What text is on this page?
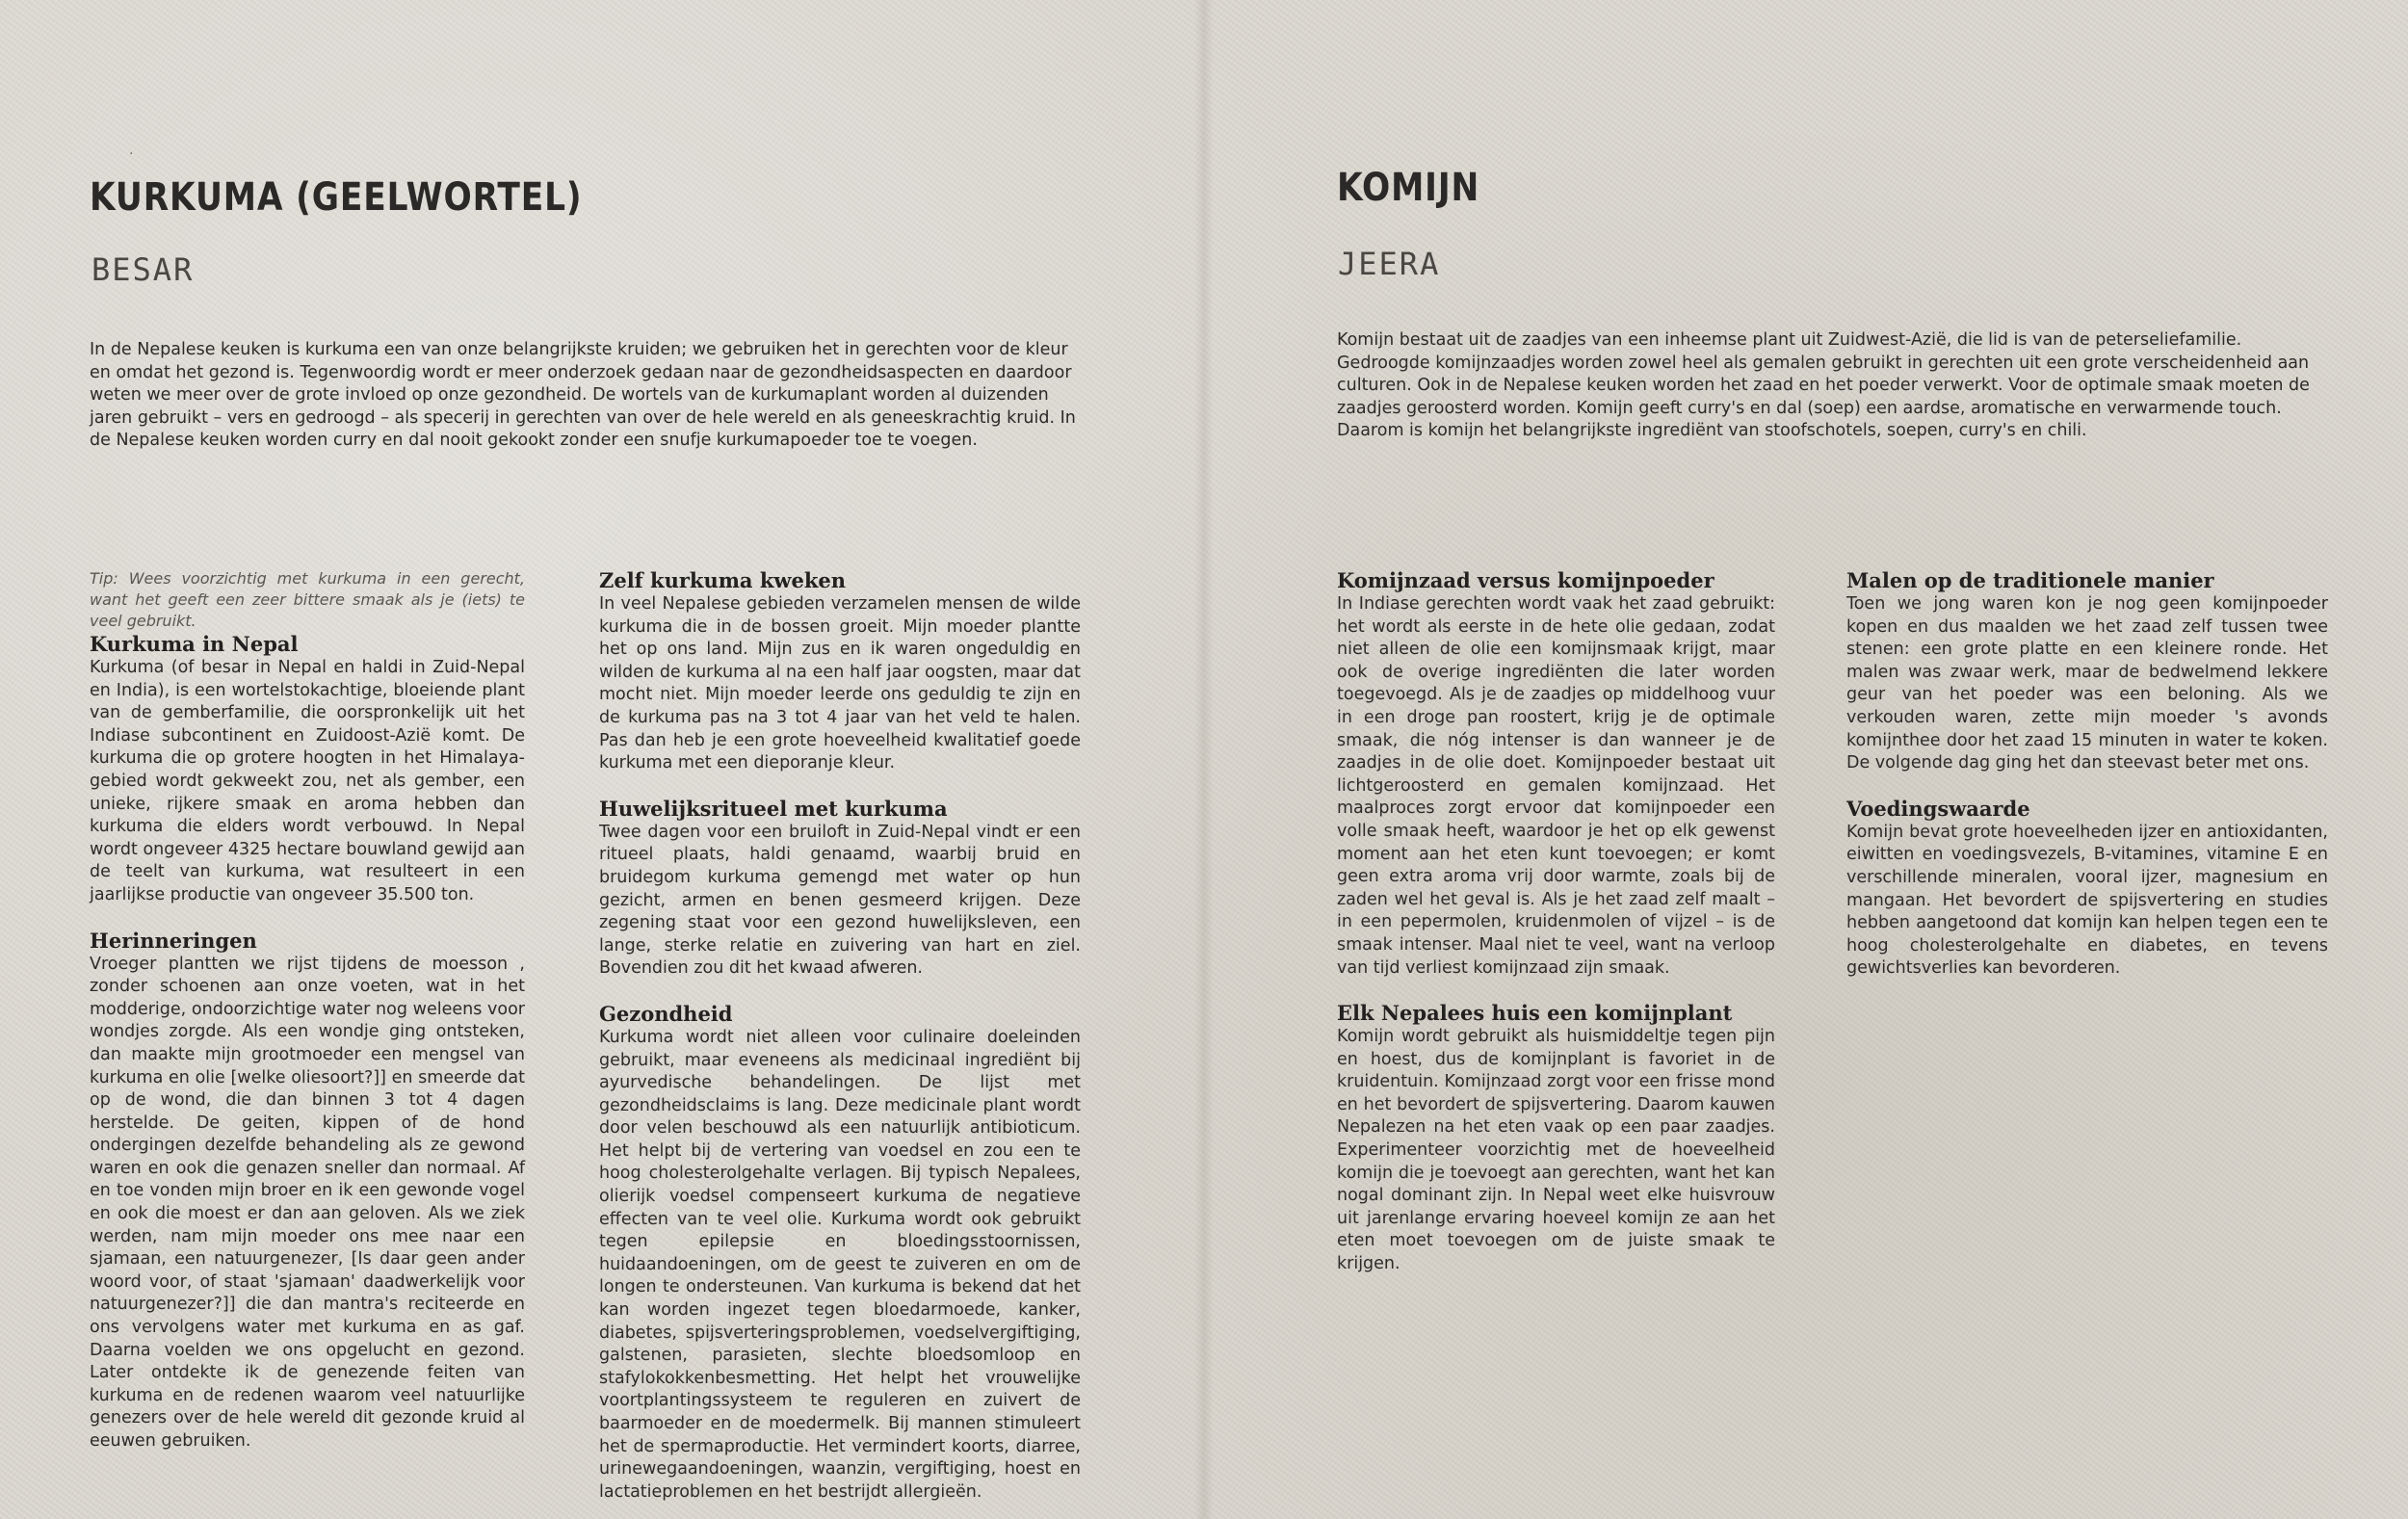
·
KURKUMA (GEELWORTEL)
BESAR

In de Nepalese keuken is kurkuma een van onze belangrijkste kruiden; we gebruiken het in gerechten voor de kleur en omdat het gezond is. Tegenwoordig wordt er meer onderzoek gedaan naar de gezondheidsaspecten en daardoor weten we meer over de grote invloed op onze gezondheid. De wortels van de kurkumaplant worden al duizenden jaren gebruikt – vers en gedroogd – als specerij in gerechten van over de hele wereld en als geneeskrachtig kruid. In de Nepalese keuken worden curry en dal nooit gekookt zonder een snufje kurkumapoeder toe te voegen.

Tip: Wees voorzichtig met kurkuma in een gerecht, want het geeft een zeer bittere smaak als je (iets) te veel gebruikt.

Kurkuma in Nepal

Kurkuma (of besar in Nepal en haldi in Zuid-Nepal en India), is een wortelstokachtige, bloeiende plant van de gemberfamilie, die oorspronkelijk uit het Indiase subcontinent en Zuidoost-Azië komt. De kurkuma die op grotere hoogten in het Himalaya-gebied wordt gekweekt zou, net als gember, een unieke, rijkere smaak en aroma hebben dan kurkuma die elders wordt verbouwd. In Nepal wordt ongeveer 4325 hectare bouwland gewijd aan de teelt van kurkuma, wat resulteert in een jaarlijkse productie van ongeveer 35.500 ton.

Herinneringen

Vroeger plantten we rijst tijdens de moesson , zonder schoenen aan onze voeten, wat in het modderige, ondoorzichtige water nog weleens voor wondjes zorgde. Als een wondje ging ontsteken, dan maakte mijn grootmoeder een mengsel van kurkuma en olie [welke oliesoort?]] en smeerde dat op de wond, die dan binnen 3 tot 4 dagen herstelde. De geiten, kippen of de hond ondergingen dezelfde behandeling als ze gewond waren en ook die genazen sneller dan normaal. Af en toe vonden mijn broer en ik een gewonde vogel en ook die moest er dan aan geloven. Als we ziek werden, nam mijn moeder ons mee naar een sjamaan, een natuurgenezer, [Is daar geen ander woord voor, of staat 'sjamaan' daadwerkelijk voor natuurgenezer?]] die dan mantra's reciteerde en ons vervolgens water met kurkuma en as gaf. Daarna voelden we ons opgelucht en gezond. Later ontdekte ik de genezende feiten van kurkuma en de redenen waarom veel natuurlijke genezers over de hele wereld dit gezonde kruid al eeuwen gebruiken.

Zelf kurkuma kweken

In veel Nepalese gebieden verzamelen mensen de wilde kurkuma die in de bossen groeit. Mijn moeder plantte het op ons land. Mijn zus en ik waren ongeduldig en wilden de kurkuma al na een half jaar oogsten, maar dat mocht niet. Mijn moeder leerde ons geduldig te zijn en de kurkuma pas na 3 tot 4 jaar van het veld te halen. Pas dan heb je een grote hoeveelheid kwalitatief goede kurkuma met een dieporanje kleur.

Huwelijksritueel met kurkuma

Twee dagen voor een bruiloft in Zuid-Nepal vindt er een ritueel plaats, haldi genaamd, waarbij bruid en bruidegom kurkuma gemengd met water op hun gezicht, armen en benen gesmeerd krijgen. Deze zegening staat voor een gezond huwelijksleven, een lange, sterke relatie en zuivering van hart en ziel. Bovendien zou dit het kwaad afweren.

Gezondheid

Kurkuma wordt niet alleen voor culinaire doeleinden gebruikt, maar eveneens als medicinaal ingrediënt bij ayurvedische behandelingen. De lijst met gezondheidsclaims is lang. Deze medicinale plant wordt door velen beschouwd als een natuurlijk antibioticum. Het helpt bij de vertering van voedsel en zou een te hoog cholesterolgehalte verlagen. Bij typisch Nepalees, olierijk voedsel compenseert kurkuma de negatieve effecten van te veel olie. Kurkuma wordt ook gebruikt tegen epilepsie en bloedingsstoornissen, huidaandoeningen, om de geest te zuiveren en om de longen te ondersteunen. Van kurkuma is bekend dat het kan worden ingezet tegen bloedarmoede, kanker, diabetes, spijsverteringsproblemen, voedselvergiftiging, galstenen, parasieten, slechte bloedsomloop en stafylokokkenbesmetting. Het helpt het vrouwelijke voortplantingssysteem te reguleren en zuivert de baarmoeder en de moedermelk. Bij mannen stimuleert het de spermaproductie. Het vermindert koorts, diarree, urinewegaandoeningen, waanzin, vergiftiging, hoest en lactatieproblemen en het bestrijdt allergieën.

KOMIJN
JEERA

Komijn bestaat uit de zaadjes van een inheemse plant uit Zuidwest-Azië, die lid is van de peterseliefamilie. Gedroogde komijnzaadjes worden zowel heel als gemalen gebruikt in gerechten uit een grote verscheidenheid aan culturen. Ook in de Nepalese keuken worden het zaad en het poeder verwerkt. Voor de optimale smaak moeten de zaadjes geroosterd worden. Komijn geeft curry's en dal (soep) een aardse, aromatische en verwarmende touch. Daarom is komijn het belangrijkste ingrediënt van stoofschotels, soepen, curry's en chili.

Komijnzaad versus komijnpoeder

In Indiase gerechten wordt vaak het zaad gebruikt: het wordt als eerste in de hete olie gedaan, zodat niet alleen de olie een komijnsmaak krijgt, maar ook de overige ingrediënten die later worden toegevoegd. Als je de zaadjes op middelhoog vuur in een droge pan roostert, krijg je de optimale smaak, die nóg intenser is dan wanneer je de zaadjes in de olie doet. Komijnpoeder bestaat uit lichtgeroosterd en gemalen komijnzaad. Het maalproces zorgt ervoor dat komijnpoeder een volle smaak heeft, waardoor je het op elk gewenst moment aan het eten kunt toevoegen; er komt geen extra aroma vrij door warmte, zoals bij de zaden wel het geval is. Als je het zaad zelf maalt – in een pepermolen, kruidenmolen of vijzel – is de smaak intenser. Maal niet te veel, want na verloop van tijd verliest komijnzaad zijn smaak.

Elk Nepalees huis een komijnplant

Komijn wordt gebruikt als huismiddeltje tegen pijn en hoest, dus de komijnplant is favoriet in de kruidentuin. Komijnzaad zorgt voor een frisse mond en het bevordert de spijsvertering. Daarom kauwen Nepalezen na het eten vaak op een paar zaadjes. Experimenteer voorzichtig met de hoeveelheid komijn die je toevoegt aan gerechten, want het kan nogal dominant zijn. In Nepal weet elke huisvrouw uit jarenlange ervaring hoeveel komijn ze aan het eten moet toevoegen om de juiste smaak te krijgen.

Malen op de traditionele manier

Toen we jong waren kon je nog geen komijnpoeder kopen en dus maalden we het zaad zelf tussen twee stenen: een grote platte en een kleinere ronde. Het malen was zwaar werk, maar de bedwelmend lekkere geur van het poeder was een beloning. Als we verkouden waren, zette mijn moeder 's avonds komijnthee door het zaad 15 minuten in water te koken. De volgende dag ging het dan steevast beter met ons.

Voedingswaarde

Komijn bevat grote hoeveelheden ijzer en antioxidanten, eiwitten en voedingsvezels, B-vitamines, vitamine E en verschillende mineralen, vooral ijzer, magnesium en mangaan. Het bevordert de spijsvertering en studies hebben aangetoond dat komijn kan helpen tegen een te hoog cholesterolgehalte en diabetes, en tevens gewichtsverlies kan bevorderen.
